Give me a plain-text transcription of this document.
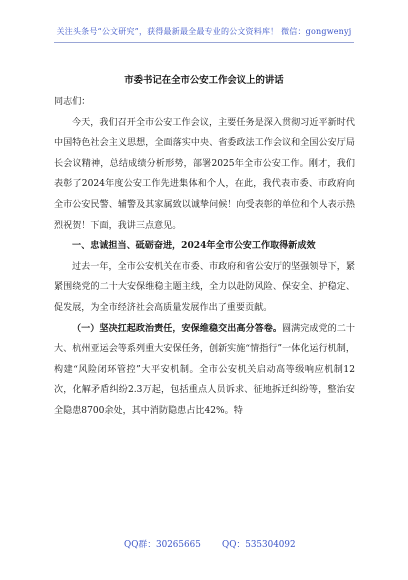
关注头条号“公文研究”，获得最新最全最专业的公文资料库！ 微信：gongwenyj
市委书记在全市公安工作会议上的讲话

同志们：

今天，我们召开全市公安工作会议，主要任务是深入贯彻习近平新时代中国特色社会主义思想，全面落实中央、省委政法工作会议和全国公安厅局长会议精神，总结成绩分析形势，部署2025年全市公安工作。刚才，我们表彰了2024年度公安工作先进集体和个人，在此，我代表市委、市政府向全市公安民警、辅警及其家属致以诚挚问候！向受表彰的单位和个人表示热烈祝贺！下面，我讲三点意见。

一、忠诚担当、砥砺奋进，2024年全市公安工作取得新成效

过去一年，全市公安机关在市委、市政府和省公安厅的坚强领导下，紧紧围绕党的二十大安保维稳主题主线，全力以赴防风险、保安全、护稳定、促发展，为全市经济社会高质量发展作出了重要贡献。

（一）坚决扛起政治责任，安保维稳交出高分答卷。圆满完成党的二十大、杭州亚运会等系列重大安保任务，创新实施“情指行”一体化运行机制，构建“风险闭环管控”大平安机制。全市公安机关启动高等级响应机制12次，化解矛盾纠纷2.3万起，包括重点人员诉求、征地拆迁纠纷等，整治安全隐患8700余处，其中消防隐患占比42%。特

QQ群：30265665 QQ：535304092
